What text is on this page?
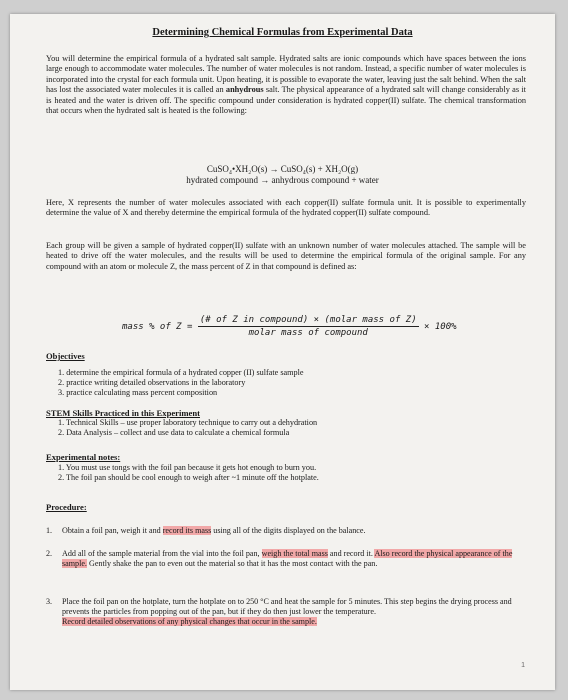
Determining Chemical Formulas from Experimental Data
You will determine the empirical formula of a hydrated salt sample. Hydrated salts are ionic compounds which have spaces between the ions large enough to accommodate water molecules. The number of water molecules is not random. Instead, a specific number of water molecules is incorporated into the crystal for each formula unit. Upon heating, it is possible to evaporate the water, leaving just the salt behind. When the salt has lost the associated water molecules it is called an anhydrous salt. The physical appearance of a hydrated salt will change considerably as it is heated and the water is driven off. The specific compound under consideration is hydrated copper(II) sulfate. The chemical transformation that occurs when the hydrated salt is heated is the following:
CuSO₄•XH₂O(s) → CuSO₄(s) + XH₂O(g)
hydrated compound → anhydrous compound + water
Here, X represents the number of water molecules associated with each copper(II) sulfate formula unit. It is possible to experimentally determine the value of X and thereby determine the empirical formula of the hydrated copper(II) sulfate compound.
Each group will be given a sample of hydrated copper(II) sulfate with an unknown number of water molecules attached. The sample will be heated to drive off the water molecules, and the results will be used to determine the empirical formula of the original sample. For any compound with an atom or molecule Z, the mass percent of Z in that compound is defined as:
mass % of $Z = \frac{\text{(\# of Z in compound) × (molar mass of Z)}}{\text{molar mass of compound}} \times 100\%$
Objectives
1. determine the empirical formula of a hydrated copper (II) sulfate sample
2. practice writing detailed observations in the laboratory
3. practice calculating mass percent composition
STEM Skills Practiced in this Experiment
1. Technical Skills – use proper laboratory technique to carry out a dehydration
2. Data Analysis – collect and use data to calculate a chemical formula
Experimental notes:
1. You must use tongs with the foil pan because it gets hot enough to burn you.
2. The foil pan should be cool enough to weigh after ~1 minute off the hotplate.
Procedure:
1. Obtain a foil pan, weigh it and record its mass using all of the digits displayed on the balance.
2. Add all of the sample material from the vial into the foil pan, weigh the total mass and record it. Also record the physical appearance of the sample. Gently shake the pan to even out the material so that it has the most contact with the pan.
3. Place the foil pan on the hotplate, turn the hotplate on to 250 °C and heat the sample for 5 minutes. This step begins the drying process and prevents the particles from popping out of the pan, but if they do then just lower the temperature.
Record detailed observations of any physical changes that occur in the sample.
1
